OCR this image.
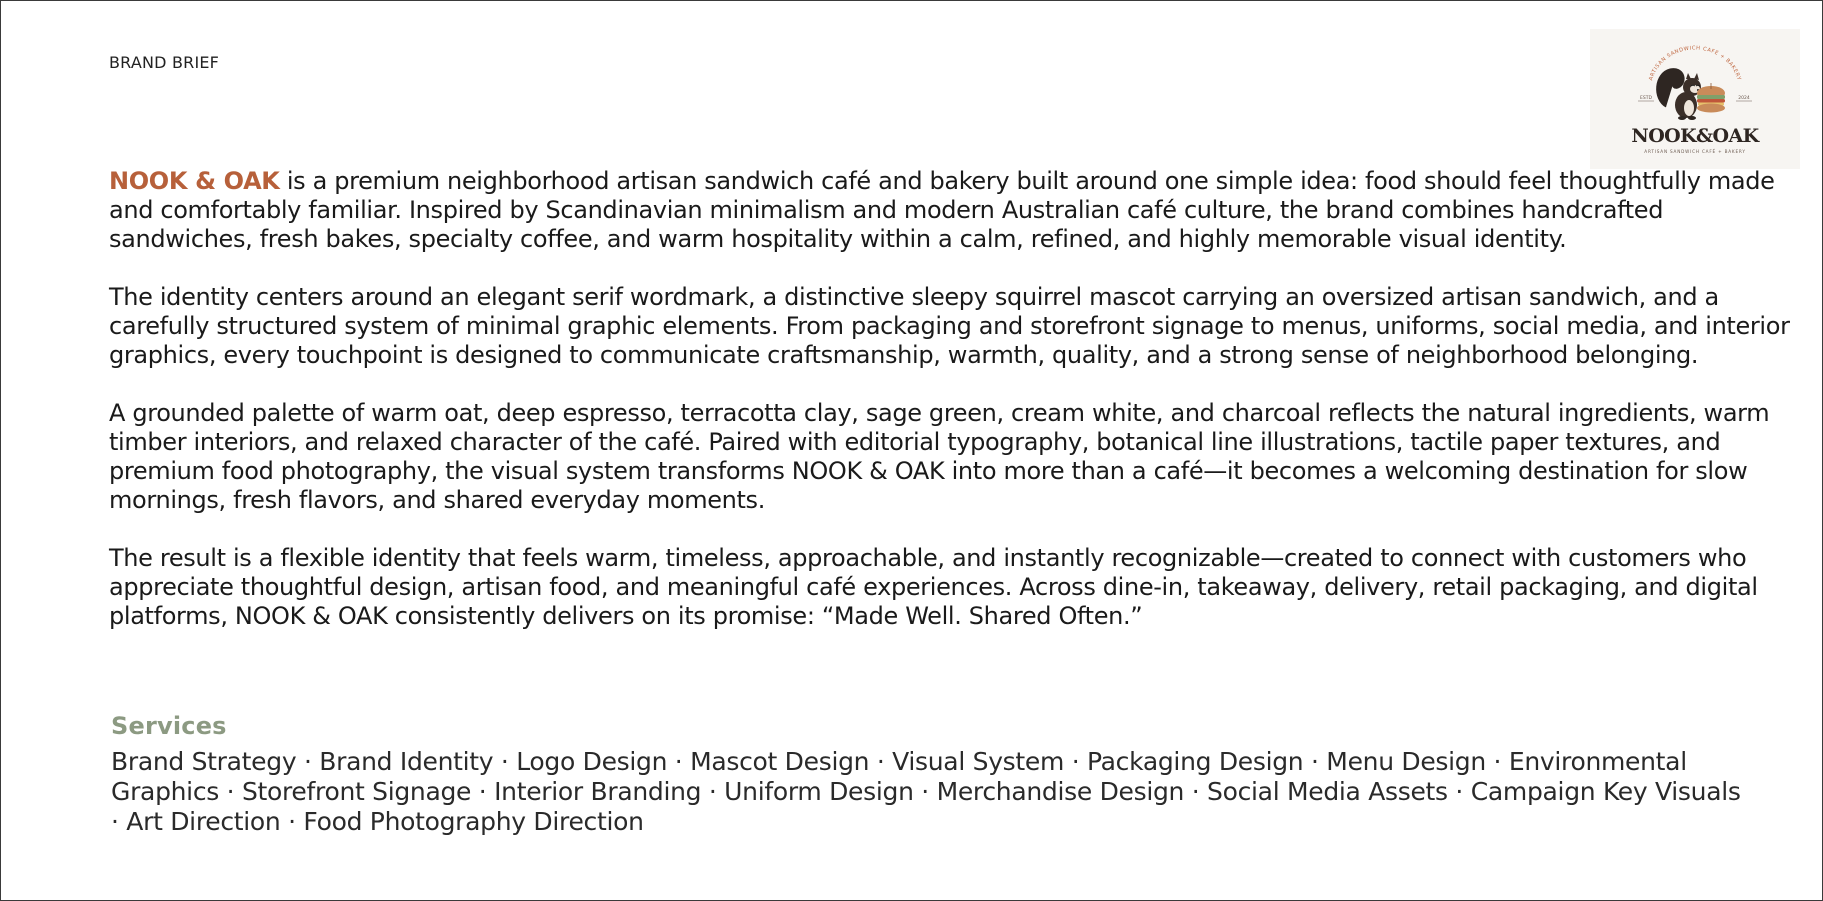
BRAND BRIEF
ARTISAN SANDWICH CAFÉ + BAKERY
ESTD	2024
NOOK&OAK
ARTISAN SANDWICH CAFÉ + BAKERY

NOOK & OAK is a premium neighborhood artisan sandwich café and bakery built around one simple idea: food should feel thoughtfully made and comfortably familiar. Inspired by Scandinavian minimalism and modern Australian café culture, the brand combines handcrafted sandwiches, fresh bakes, specialty coffee, and warm hospitality within a calm, refined, and highly memorable visual identity.

The identity centers around an elegant serif wordmark, a distinctive sleepy squirrel mascot carrying an oversized artisan sandwich, and a carefully structured system of minimal graphic elements. From packaging and storefront signage to menus, uniforms, social media, and interior graphics, every touchpoint is designed to communicate craftsmanship, warmth, quality, and a strong sense of neighborhood belonging.

A grounded palette of warm oat, deep espresso, terracotta clay, sage green, cream white, and charcoal reflects the natural ingredients, warm timber interiors, and relaxed character of the café. Paired with editorial typography, botanical line illustrations, tactile paper textures, and premium food photography, the visual system transforms NOOK & OAK into more than a café—it becomes a welcoming destination for slow mornings, fresh flavors, and shared everyday moments.

The result is a flexible identity that feels warm, timeless, approachable, and instantly recognizable—created to connect with customers who appreciate thoughtful design, artisan food, and meaningful café experiences. Across dine-in, takeaway, delivery, retail packaging, and digital platforms, NOOK & OAK consistently delivers on its promise: “Made Well. Shared Often.”

Services
Brand Strategy · Brand Identity · Logo Design · Mascot Design · Visual System · Packaging Design · Menu Design · Environmental Graphics · Storefront Signage · Interior Branding · Uniform Design · Merchandise Design · Social Media Assets · Campaign Key Visuals · Art Direction · Food Photography Direction
